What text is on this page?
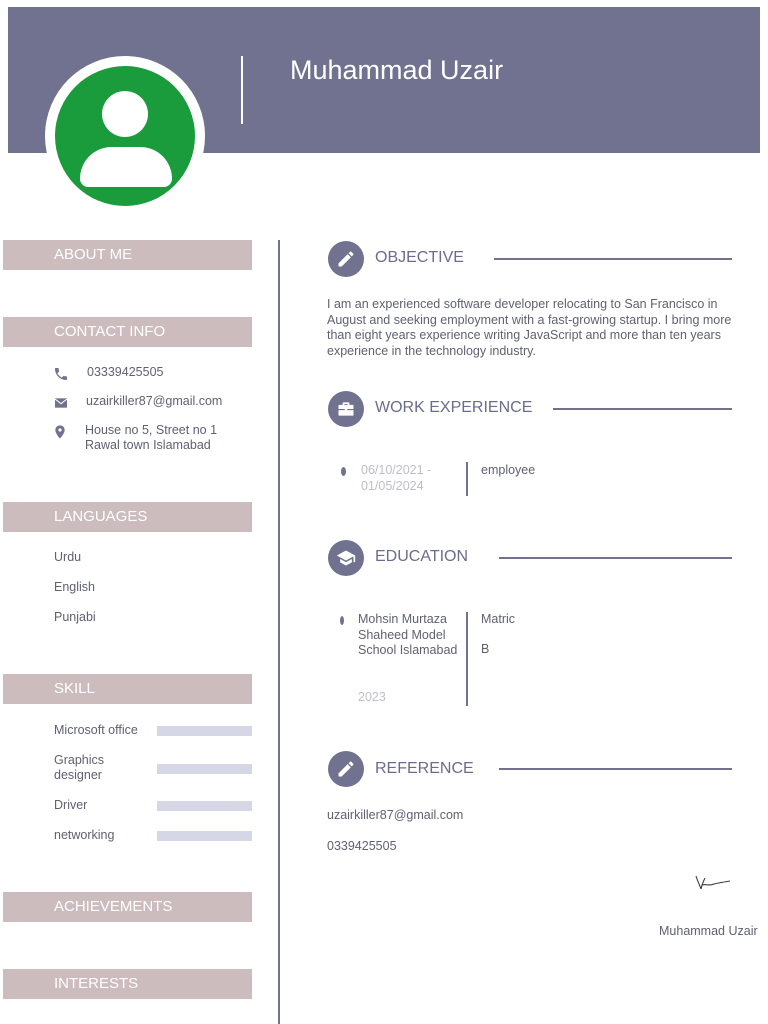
Muhammad Uzair
ABOUT ME
CONTACT INFO
03339425505
uzairkiller87@gmail.com
House no 5, Street no 1 Rawal town Islamabad
LANGUAGES
Urdu
English
Punjabi
SKILL
Microsoft office
Graphics designer
Driver
networking
ACHIEVEMENTS
INTERESTS
OBJECTIVE
I am an experienced software developer relocating to San Francisco in August and seeking employment with a fast-growing startup. I bring more than eight years experience writing JavaScript and more than ten years experience in the technology industry.
WORK EXPERIENCE
06/10/2021 - 01/05/2024
employee
EDUCATION
Mohsin Murtaza Shaheed Model School Islamabad
2023
Matric
B
REFERENCE
uzairkiller87@gmail.com
0339425505
Muhammad Uzair
